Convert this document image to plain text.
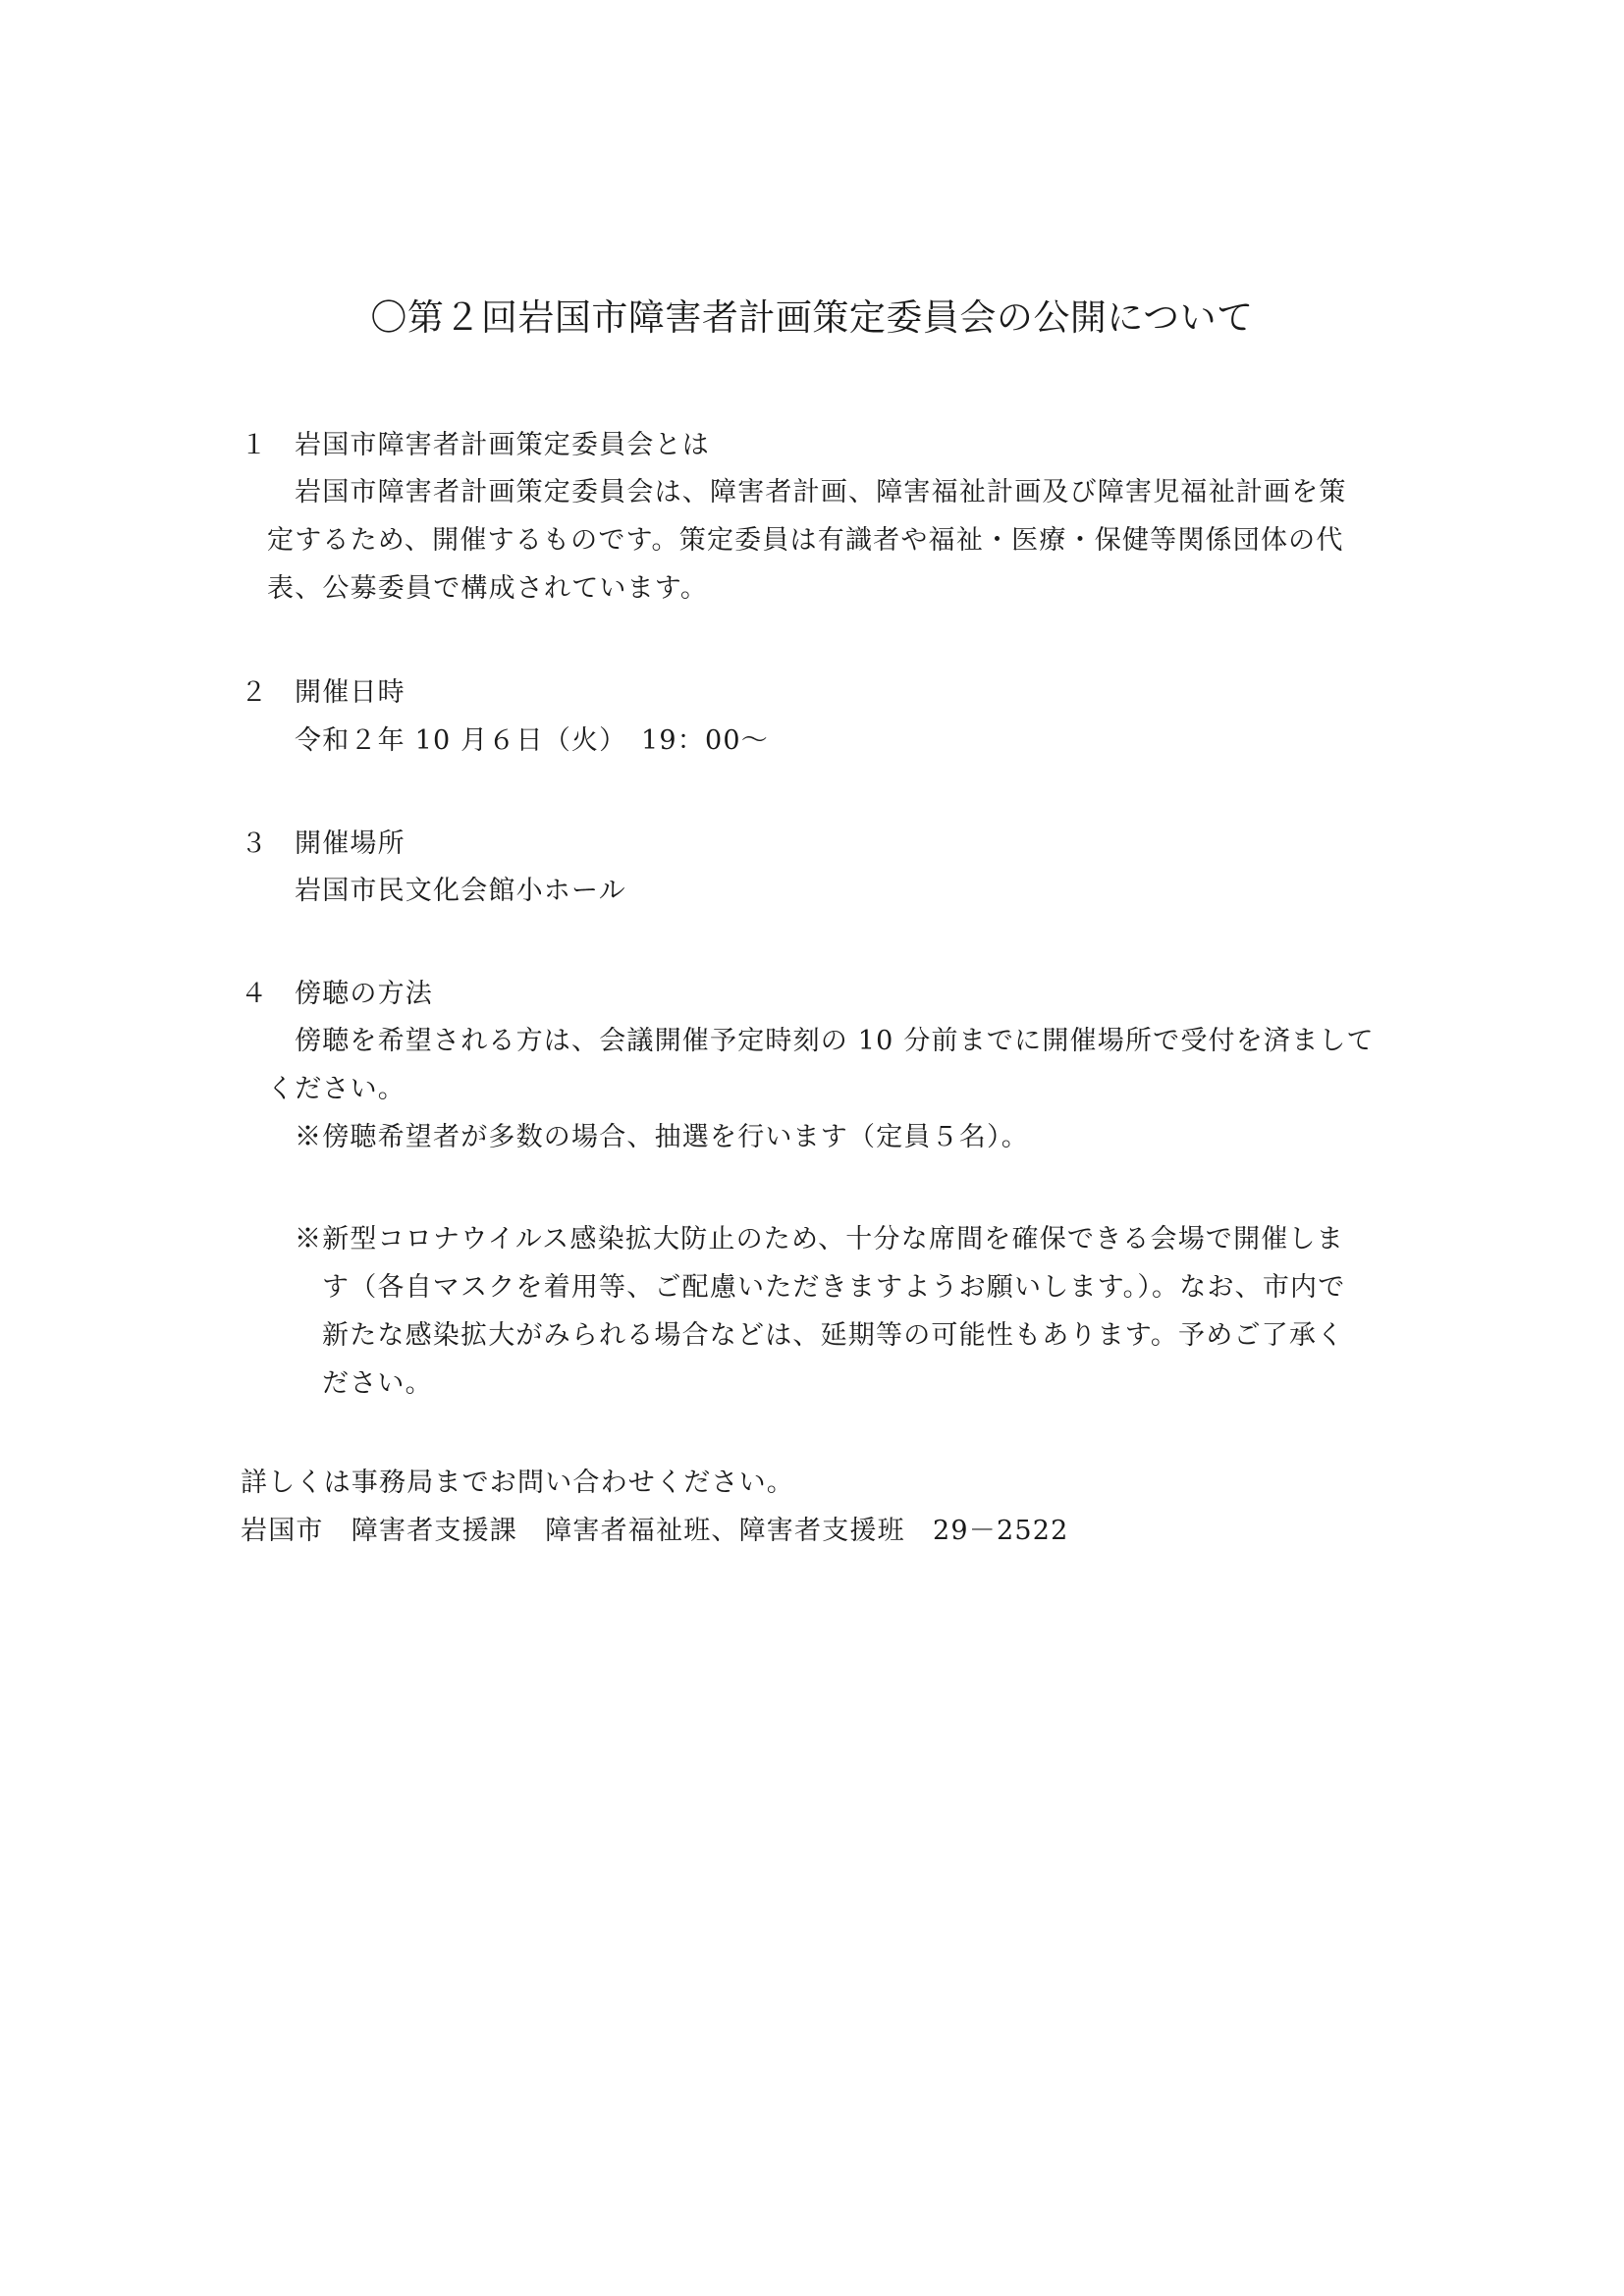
〇第２回岩国市障害者計画策定委員会の公開について
１ 岩国市障害者計画策定委員会とは
岩国市障害者計画策定委員会は、障害者計画、障害福祉計画及び障害児福祉計画を策
定するため、開催するものです。策定委員は有識者や福祉・医療・保健等関係団体の代
表、公募委員で構成されています。
２ 開催日時
令和２年 10 月６日（火）　19：00～
３ 開催場所
岩国市民文化会館小ホール
４ 傍聴の方法
傍聴を希望される方は、会議開催予定時刻の 10 分前までに開催場所で受付を済まして
ください。
※傍聴希望者が多数の場合、抽選を行います（定員５名）。
※新型コロナウイルス感染拡大防止のため、十分な席間を確保できる会場で開催しま
す（各自マスクを着用等、ご配慮いただきますようお願いします。）。なお、市内で
新たな感染拡大がみられる場合などは、延期等の可能性もあります。予めご了承く
ださい。
詳しくは事務局までお問い合わせください。
岩国市　障害者支援課　障害者福祉班、障害者支援班　29－2522
